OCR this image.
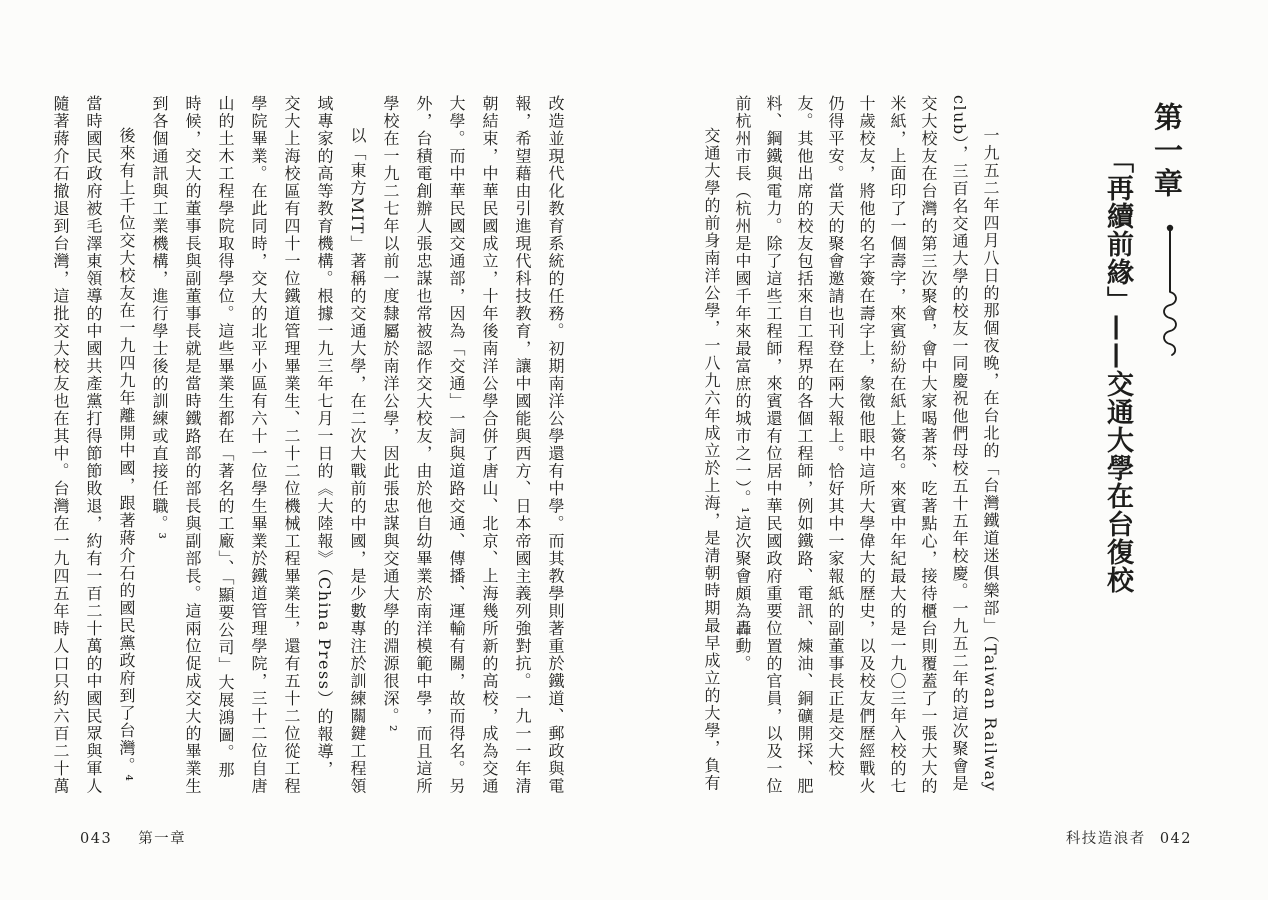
第一章
「再續前緣」——交通大學在台復校

一九五二年四月八日的那個夜晚，在台北的「台灣鐵道迷俱樂部」（Taiwan Railway club），三百名交通大學的校友一同慶祝他們母校五十五年校慶。一九五二年的這次聚會是交大校友在台灣的第三次聚會，會中大家喝著茶、吃著點心，接待櫃台則覆蓋了一張大大的米紙，上面印了一個壽字，來賓紛紛在紙上簽名。來賓中年紀最大的是一九〇三年入校的七十歲校友，將他的名字簽在壽字上，象徵他眼中這所大學偉大的歷史，以及校友們歷經戰火仍得平安。當天的聚會邀請也刊登在兩大報上。恰好其中一家報紙的副董事長正是交大校友。其他出席的校友包括來自工程界的各個工程師，例如鐵路、電訊、煉油、銅礦開採、肥料、鋼鐵與電力。除了這些工程師，來賓還有位居中華民國政府重要位置的官員，以及一位前杭州市長（杭州是中國千年來最富庶的城市之一）。¹這次聚會頗為轟動。

交通大學的前身南洋公學，一八九六年成立於上海，是清朝時期最早成立的大學，負有

科技造浪者 042

改造並現代化教育系統的任務。初期南洋公學還有中學。而其教學則著重於鐵道、郵政與電報，希望藉由引進現代科技教育，讓中國能與西方、日本帝國主義列強對抗。一九一一年清朝結束，中華民國成立，十年後南洋公學合併了唐山、北京、上海幾所新的高校，成為交通大學。而中華民國交通部，因為「交通」一詞與道路交通、傳播、運輸有關，故而得名。另外，台積電創辦人張忠謀也常被認作交大校友，由於他自幼畢業於南洋模範中學，而且這所學校在一九二七年以前一度隸屬於南洋公學，因此張忠謀與交通大學的淵源很深。²

以「東方MIT」著稱的交通大學，在二次大戰前的中國，是少數專注於訓練關鍵工程領域專家的高等教育機構。根據一九三年七月一日的《大陸報》（China Press）的報導，交大上海校區有四十一位鐵道管理畢業生、二十二位機械工程畢業生，還有五十二位從工程學院畢業。在此同時，交大的北平小區有六十一位學生畢業於鐵道管理學院，三十二位自唐山的土木工程學院取得學位。這些畢業生都在「著名的工廠」、「顯要公司」大展鴻圖。那時候，交大的董事長與副董事長就是當時鐵路部的部長與副部長。這兩位促成交大的畢業生到各個通訊與工業機構，進行學士後的訓練或直接任職。³

後來有上千位交大校友在一九四九年離開中國，跟著蔣介石的國民黨政府到了台灣。⁴當時國民政府被毛澤東領導的中國共產黨打得節節敗退，約有一百二十萬的中國民眾與軍人隨著蔣介石撤退到台灣，這批交大校友也在其中。台灣在一九四五年時人口只約六百二十萬

043 第一章
